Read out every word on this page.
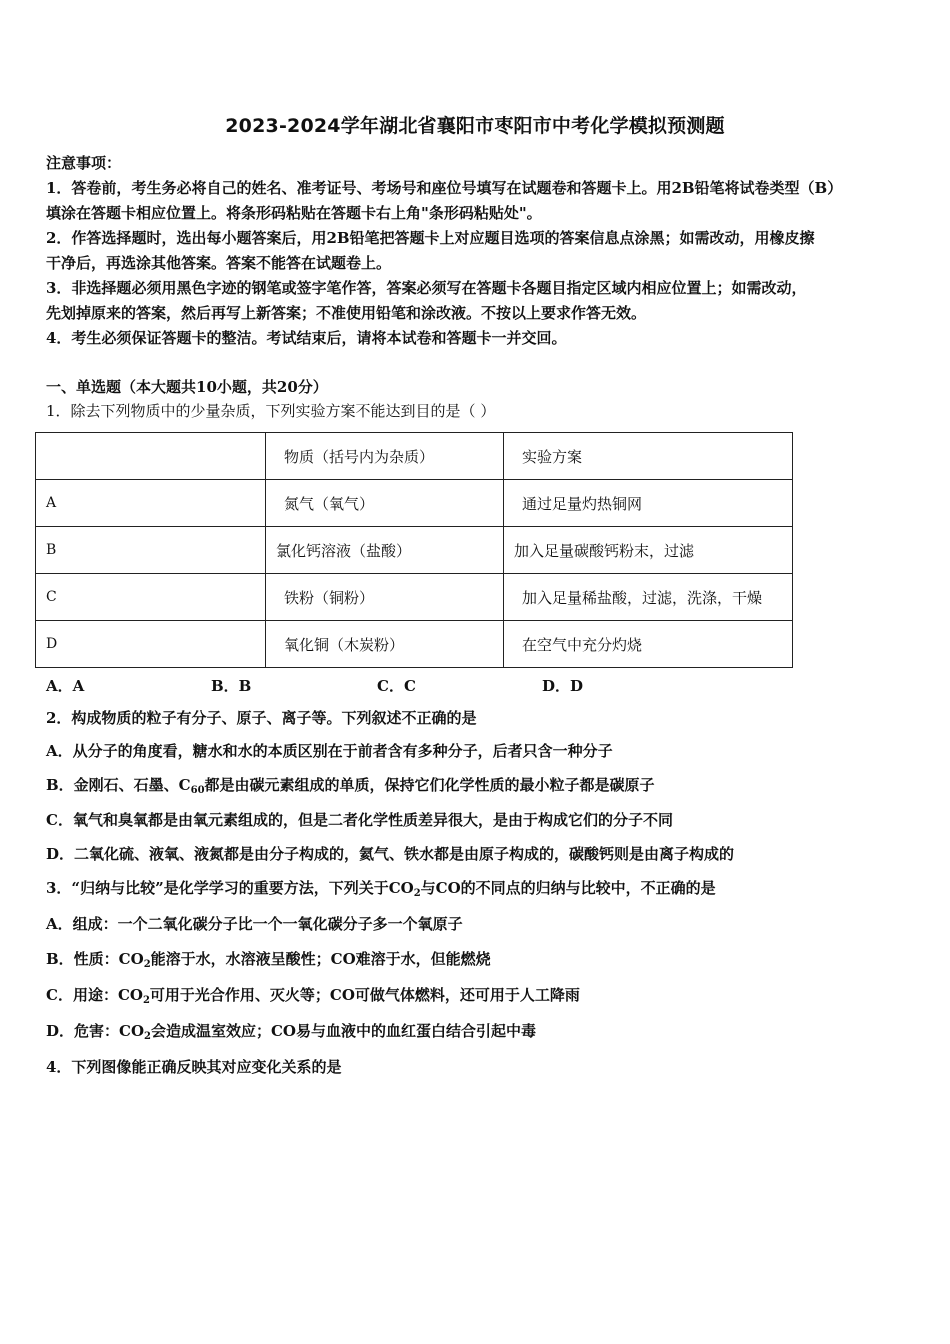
2023-2024学年湖北省襄阳市枣阳市中考化学模拟预测题
注意事项：
1．答卷前，考生务必将自己的姓名、准考证号、考场号和座位号填写在试题卷和答题卡上。用2B铅笔将试卷类型（B）
填涂在答题卡相应位置上。将条形码粘贴在答题卡右上角"条形码粘贴处"。
2．作答选择题时，选出每小题答案后，用2B铅笔把答题卡上对应题目选项的答案信息点涂黑；如需改动，用橡皮擦
干净后，再选涂其他答案。答案不能答在试题卷上。
3．非选择题必须用黑色字迹的钢笔或签字笔作答，答案必须写在答题卡各题目指定区域内相应位置上；如需改动，
先划掉原来的答案，然后再写上新答案；不准使用铅笔和涂改液。不按以上要求作答无效。
4．考生必须保证答题卡的整洁。考试结束后，请将本试卷和答题卡一并交回。
一、单选题（本大题共10小题，共20分）
1．除去下列物质中的少量杂质，下列实验方案不能达到目的是（ ）
	物质（括号内为杂质）	实验方案
A	氮气（氧气）	通过足量灼热铜网
B	氯化钙溶液（盐酸）	加入足量碳酸钙粉末，过滤
C	铁粉（铜粉）	加入足量稀盐酸，过滤，洗涤，干燥
D	氧化铜（木炭粉）	在空气中充分灼烧
A．A	B．B	C．C	D．D
2．构成物质的粒子有分子、原子、离子等。下列叙述不正确的是
A．从分子的角度看，糖水和水的本质区别在于前者含有多种分子，后者只含一种分子
B．金刚石、石墨、$C_{60}$都是由碳元素组成的单质，保持它们化学性质的最小粒子都是碳原子
C．氧气和臭氧都是由氧元素组成的，但是二者化学性质差异很大，是由于构成它们的分子不同
D．二氧化硫、液氧、液氮都是由分子构成的，氦气、铁水都是由原子构成的，碳酸钙则是由离子构成的
3．“归纳与比较”是化学学习的重要方法，下列关于$CO_2$与CO的不同点的归纳与比较中，不正确的是
A．组成：一个二氧化碳分子比一个一氧化碳分子多一个氧原子
B．性质：$CO_2$能溶于水，水溶液呈酸性；CO难溶于水，但能燃烧
C．用途：$CO_2$可用于光合作用、灭火等；CO可做气体燃料，还可用于人工降雨
D．危害：$CO_2$会造成温室效应；CO易与血液中的血红蛋白结合引起中毒
4．下列图像能正确反映其对应变化关系的是
